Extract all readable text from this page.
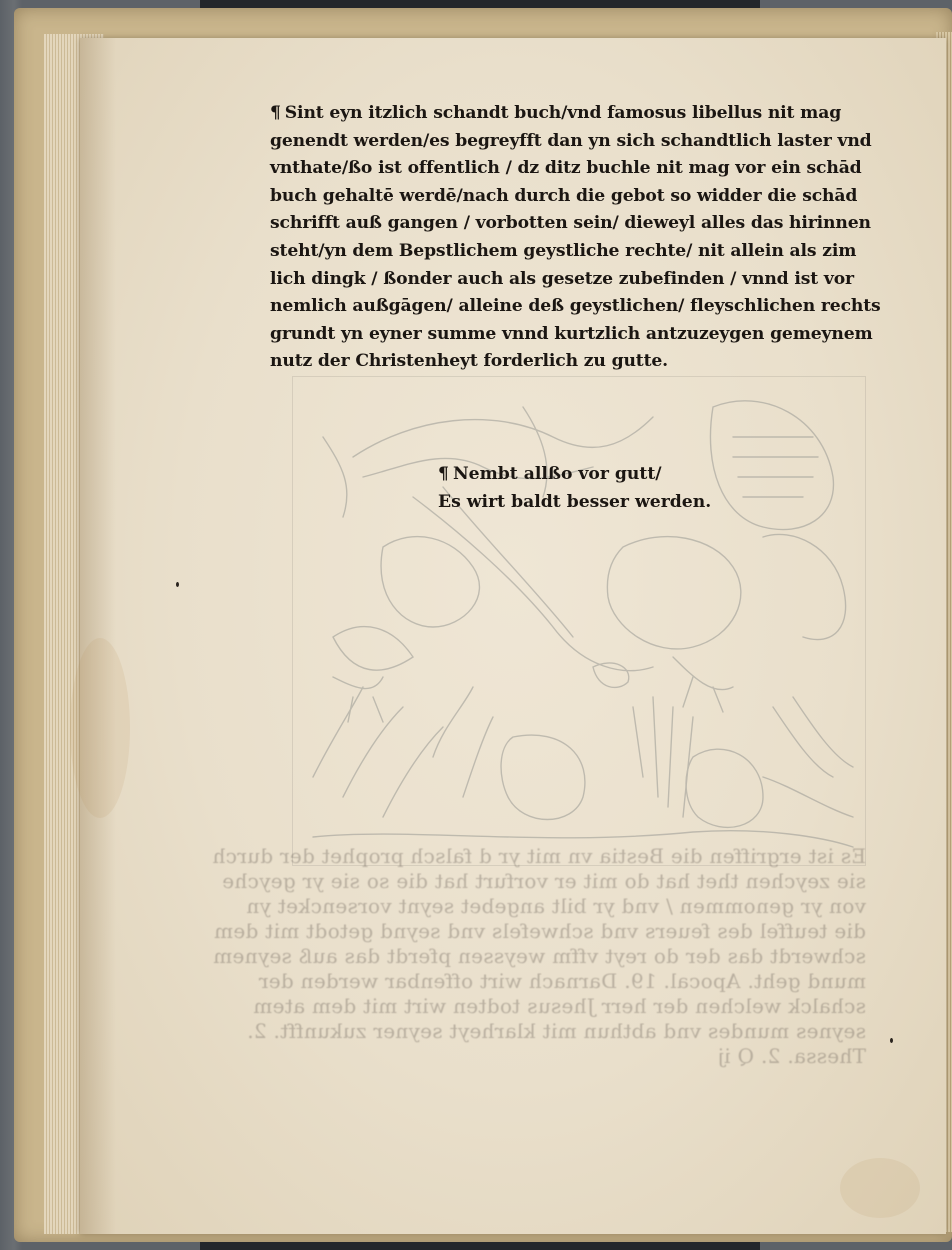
Es ist ergriffen die Bestia vn mit yr d falsch prophet der durch
sie zeychen thet hat do mit er vorfurt hat die so sie yr geyche
von yr genommen / vnd yr bilt angebet seynt vorsencket yn
die teuffel des feuers vnd schwefels vnd seynd getodt mit dem
schwerdt das der do reyt vffm weyssen pferdt das auß seynem
mund geht. Apocal. 19. Darnach wirt offenbar werden der
schalck welchen der herr Jhesus todten wirt mit dem atem
seynes mundes vnd abthun mit klarheyt seyner zukunfft. 2.
Thessa. 2. Q ij
¶ Sint eyn itzlich schandt buch/vnd famosus libellus nit mag
genendt werden/es begreyfft dan yn sich schandtlich laster vnd
vnthate/ßo ist offentlich / dz ditz buchle nit mag vor ein schād
buch gehaltē werdē/nach durch die gebot so widder die schād
schrifft auß gangen / vorbotten sein/ dieweyl alles das hirinnen
steht/yn dem Bepstlichem geystliche rechte/ nit allein als zim
lich dingk / ßonder auch als gesetze zubefinden / vnnd ist vor
nemlich außgāgen/ alleine deß geystlichen/ fleyschlichen rechts
grundt yn eyner summe vnnd kurtzlich antzuzeygen gemeynem
nutz der Christenheyt forderlich zu gutte.
¶ Nembt allßo vor gutt/
Es wirt baldt besser werden.
